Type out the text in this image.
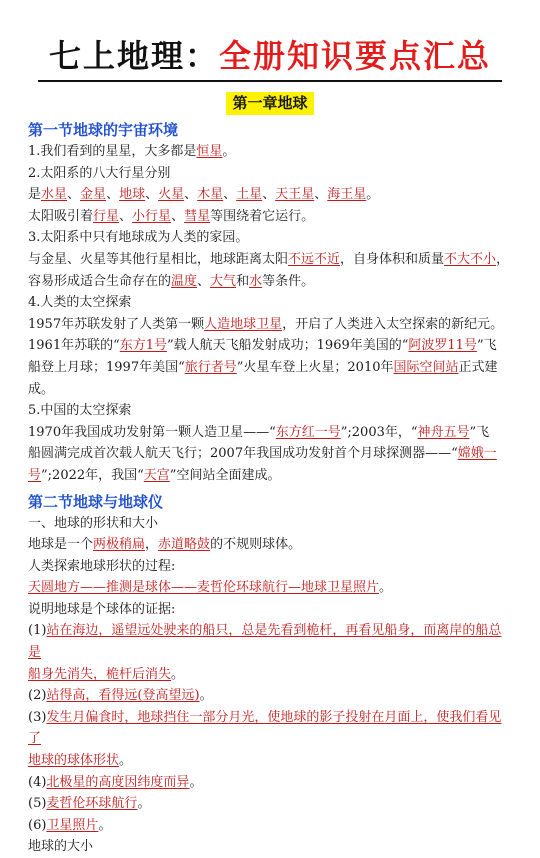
七上地理：全册知识要点汇总
第一章地球
第一节地球的宇宙环境

1.我们看到的星星，大多都是恒星。

2.太阳系的八大行星分别

是水星、金星、地球、火星、木星、土星、天王星、海王星。

太阳吸引着行星、小行星、彗星等围绕着它运行。

3.太阳系中只有地球成为人类的家园。

与金星、火星等其他行星相比，地球距离太阳不远不近，自身体积和质量不大不小，

容易形成适合生命存在的温度、大气和水等条件。

4.人类的太空探索

1957年苏联发射了人类第一颗人造地球卫星，开启了人类进入太空探索的新纪元。

1961年苏联的“东方1号”载人航天飞船发射成功；1969年美国的“阿波罗11号”飞

船登上月球；1997年美国“旅行者号”火星车登上火星；2010年国际空间站正式建

成。

5.中国的太空探索

1970年我国成功发射第一颗人造卫星——“东方红一号”;2003年，“神舟五号”飞

船圆满完成首次载人航天飞行；2007年我国成功发射首个月球探测器——“嫦娥一

号”;2022年，我国“天宫”空间站全面建成。

第二节地球与地球仪

一、地球的形状和大小

地球是一个两极稍扁，赤道略鼓的不规则球体。

人类探索地球形状的过程:

天圆地方——推测是球体——麦哲伦环球航行—地球卫星照片。

说明地球是个球体的证据:

(1)站在海边，遥望远处驶来的船只，总是先看到桅杆，再看见船身，而离岸的船总是

船身先消失，桅杆后消失。

(2)站得高，看得远(登高望远)。

(3)发生月偏食时，地球挡住一部分月光，使地球的影子投射在月面上，使我们看见了

地球的球体形状。

(4)北极星的高度因纬度而异。

(5)麦哲伦环球航行。

(6)卫星照片。

地球的大小
